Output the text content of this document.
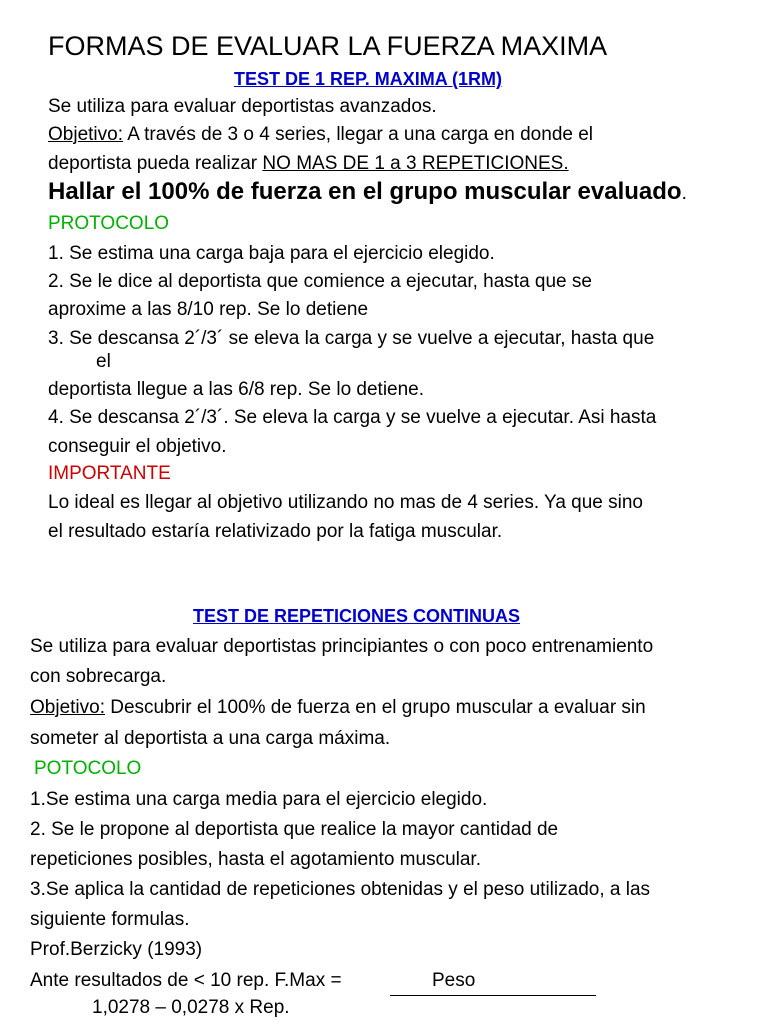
FORMAS DE EVALUAR LA FUERZA MAXIMA
TEST DE 1 REP. MAXIMA (1RM)
Se utiliza para evaluar deportistas avanzados.
Objetivo: A través de 3 o 4 series, llegar a una carga en donde el
deportista pueda realizar NO MAS DE 1 a 3 REPETICIONES.
Hallar el 100% de fuerza en el grupo muscular evaluado.
PROTOCOLO
1. Se estima una carga baja para el ejercicio elegido.
2. Se le dice al deportista que comience a ejecutar, hasta que se
aproxime a las 8/10 rep. Se lo detiene
3. Se descansa 2´/3´ se eleva la carga y se vuelve a ejecutar, hasta que
el
deportista llegue a las 6/8 rep. Se lo detiene.
4. Se descansa 2´/3´. Se eleva la carga y se vuelve a ejecutar. Asi hasta
conseguir el objetivo.
IMPORTANTE
Lo ideal es llegar al objetivo utilizando no mas de 4 series. Ya que sino
el resultado estaría relativizado por la fatiga muscular.
TEST DE REPETICIONES CONTINUAS
Se utiliza para evaluar deportistas principiantes o con poco entrenamiento
con sobrecarga.
Objetivo: Descubrir el 100% de fuerza en el grupo muscular a evaluar sin
someter al deportista a una carga máxima.
POTOCOLO
1.Se estima una carga media para el ejercicio elegido.
2. Se le propone al deportista que realice la mayor cantidad de
repeticiones posibles, hasta el agotamiento muscular.
3.Se aplica la cantidad de repeticiones obtenidas y el peso utilizado, a las
siguiente formulas.
Prof.Berzicky (1993)
Ante resultados de < 10 rep. F.Max =	Peso
1,0278 – 0,0278 x Rep.
